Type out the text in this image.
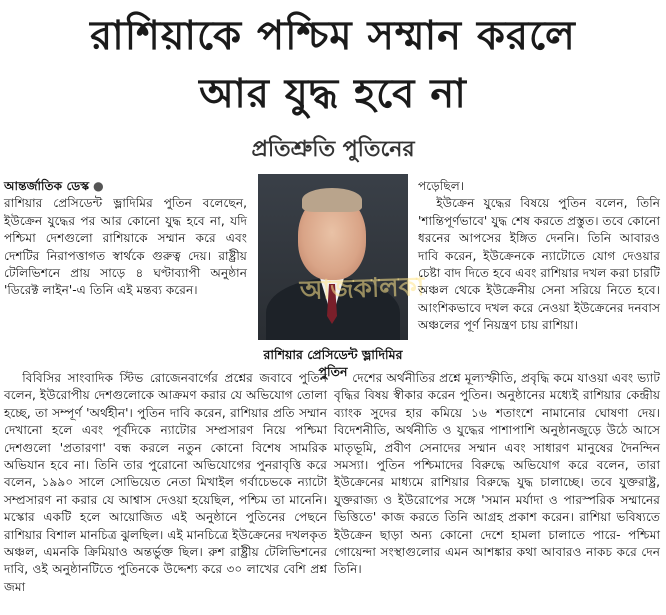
রাশিয়াকে পশ্চিম সম্মান করলে
আর যুদ্ধ হবে না
প্রতিশ্রুতি পুতিনের

আন্তর্জাতিক ডেস্ক ●

রাশিয়ার প্রেসিডেন্ট ভ্লাদিমির পুতিন বলেছেন, ইউক্রেন যুদ্ধের পর আর কোনো যুদ্ধ হবে না, যদি পশ্চিমা দেশগুলো রাশিয়াকে সম্মান করে এবং দেশটির নিরাপত্তাগত স্বার্থকে গুরুত্ব দেয়। রাষ্ট্রীয় টেলিভিশনে প্রায় সাড়ে ৪ ঘণ্টাব্যাপী অনুষ্ঠান 'ডিরেক্ট লাইন'-এ তিনি এই মন্তব্য করেন।

বিবিসির সাংবাদিক স্টিভ রোজেনবার্গের প্রশ্নের জবাবে পুতিন বলেন, ইউরোপীয় দেশগুলোকে আক্রমণ করার যে অভিযোগ তোলা হচ্ছে, তা সম্পূর্ণ 'অর্থহীন'। পুতিন দাবি করেন, রাশিয়ার প্রতি সম্মান দেখানো হলে এবং পূর্বদিকে ন্যাটোর সম্প্রসারণ নিয়ে পশ্চিমা দেশগুলো 'প্রতারণা' বন্ধ করলে নতুন কোনো বিশেষ সামরিক অভিযান হবে না। তিনি তার পুরোনো অভিযোগের পুনরাবৃত্তি করে বলেন, ১৯৯০ সালে সোভিয়েত নেতা মিখাইল গর্বাচেভকে ন্যাটো সম্প্রসারণ না করার যে আশ্বাস দেওয়া হয়েছিল, পশ্চিম তা মানেনি। মস্কোর একটি হলে আয়োজিত এই অনুষ্ঠানে পুতিনের পেছনে রাশিয়ার বিশাল মানচিত্র ঝুলছিল। এই মানচিত্রে ইউক্রেনের দখলকৃত অঞ্চল, এমনকি ক্রিমিয়াও অন্তর্ভুক্ত ছিল। রুশ রাষ্ট্রীয় টেলিভিশনের দাবি, ওই অনুষ্ঠানটিতে পুতিনকে উদ্দেশ্য করে ৩০ লাখের বেশি প্রশ্ন জমা

আজকালকা
রাশিয়ার প্রেসিডেন্ট ভ্লাদিমির পুতিন

পড়েছিল।

ইউক্রেন যুদ্ধের বিষয়ে পুতিন বলেন, তিনি 'শান্তিপূর্ণভাবে' যুদ্ধ শেষ করতে প্রস্তুত। তবে কোনো ধরনের আপসের ইঙ্গিত দেননি। তিনি আবারও দাবি করেন, ইউক্রেনকে ন্যাটোতে যোগ দেওয়ার চেষ্টা বাদ দিতে হবে এবং রাশিয়ার দখল করা চারটি অঞ্চল থেকে ইউক্রেনীয় সেনা সরিয়ে নিতে হবে। আংশিকভাবে দখল করে নেওয়া ইউক্রেনের দনবাস অঞ্চলের পূর্ণ নিয়ন্ত্রণ চায় রাশিয়া।

দেশের অর্থনীতির প্রশ্নে মূল্যস্ফীতি, প্রবৃদ্ধি কমে যাওয়া এবং ভ্যাট বৃদ্ধির বিষয় স্বীকার করেন পুতিন। অনুষ্ঠানের মধ্যেই রাশিয়ার কেন্দ্রীয় ব্যাংক সুদের হার কমিয়ে ১৬ শতাংশে নামানোর ঘোষণা দেয়। বিদেশনীতি, অর্থনীতি ও যুদ্ধের পাশাপাশি অনুষ্ঠানজুড়ে উঠে আসে মাতৃভূমি, প্রবীণ সেনাদের সম্মান এবং সাধারণ মানুষের দৈনন্দিন সমস্যা। পুতিন পশ্চিমাদের বিরুদ্ধে অভিযোগ করে বলেন, তারা ইউক্রেনের মাধ্যমে রাশিয়ার বিরুদ্ধে যুদ্ধ চালাচ্ছে। তবে যুক্তরাষ্ট্র, যুক্তরাজ্য ও ইউরোপের সঙ্গে 'সমান মর্যাদা ও পারস্পরিক সম্মানের ভিত্তিতে' কাজ করতে তিনি আগ্রহ প্রকাশ করেন। রাশিয়া ভবিষ্যতে ইউক্রেন ছাড়া অন্য কোনো দেশে হামলা চালাতে পারে- পশ্চিমা গোয়েন্দা সংস্থাগুলোর এমন আশঙ্কার কথা আবারও নাকচ করে দেন তিনি।
